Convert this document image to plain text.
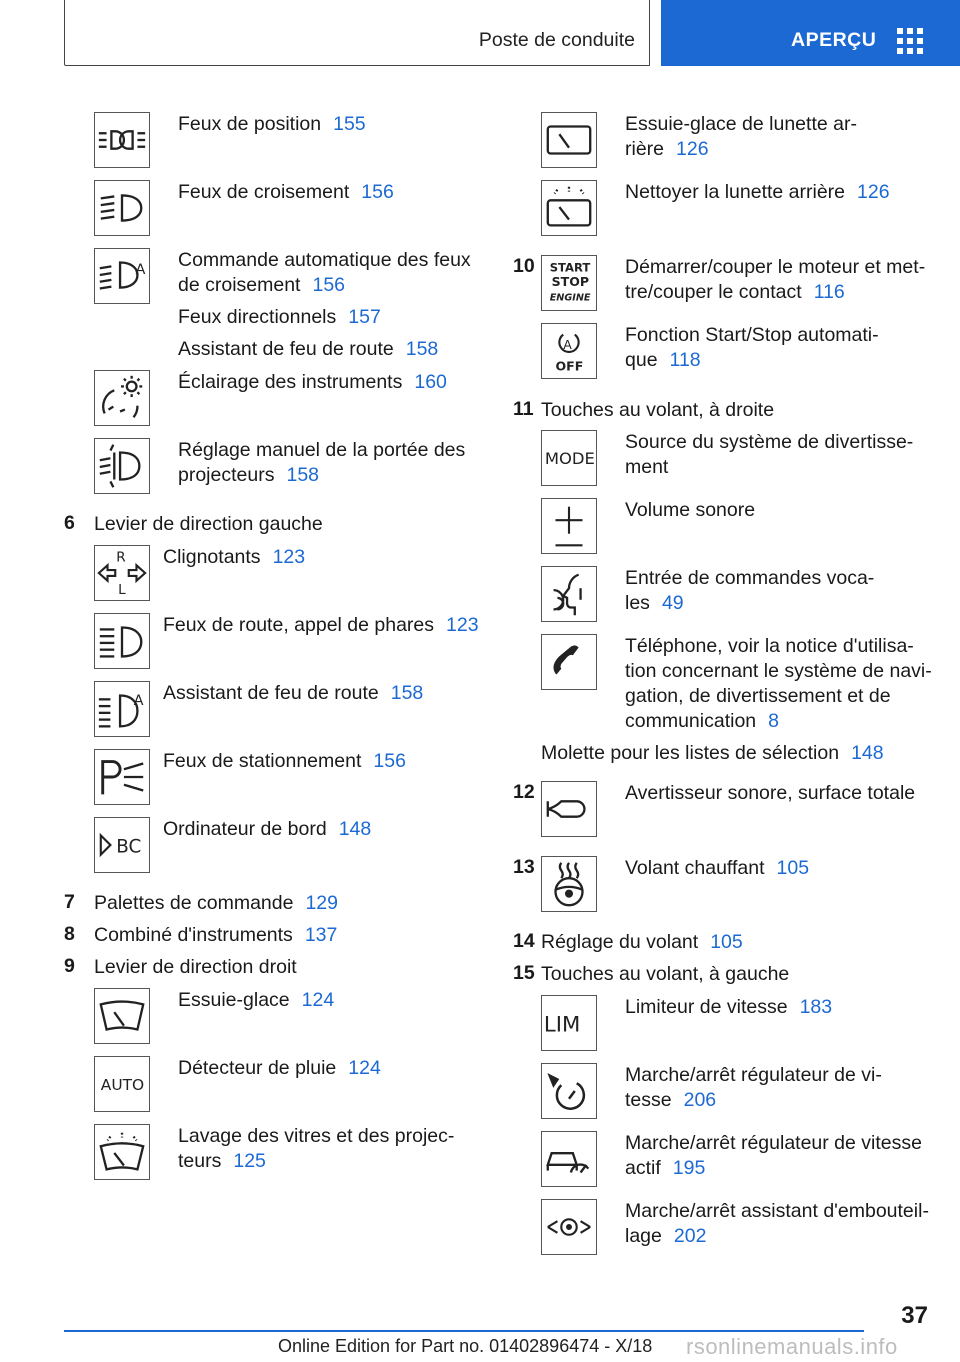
Poste de conduite	APERÇU
Feux de position 155
Feux de croisement 156
A Commande automatique des feux
de croisement 156
Feux directionnels 157
Assistant de feu de route 158
Éclairage des instruments 160
Réglage manuel de la portée des
projecteurs 158
6 Levier de direction gauche
R
L
Clignotants 123
Feux de route, appel de phares 123
A Assistant de feu de route 158
Feux de stationnement 156
BC
Ordinateur de bord 148
7 Palettes de commande 129
8 Combiné d'instruments 137
9 Levier de direction droit
Essuie-glace 124
AUTO
Détecteur de pluie 124
Lavage des vitres et des projec-
teurs 125
Essuie-glace de lunette ar-
rière 126
Nettoyer la lunette arrière 126
10 START
STOP
ENGINE
Démarrer/couper le moteur et met-
tre/couper le contact 116
A
OFF
Fonction Start/Stop automati-
que 118
11 Touches au volant, à droite
MODE
Source du système de divertisse-
ment
Volume sonore
Entrée de commandes voca-
les 49
Téléphone, voir la notice d'utilisa-
tion concernant le système de navi-
gation, de divertissement et de
communication 8
Molette pour les listes de sélection 148
12	Avertisseur sonore, surface totale
13	Volant chauffant 105
14 Réglage du volant 105
15 Touches au volant, à gauche
LIM
Limiteur de vitesse 183
Marche/arrêt régulateur de vi-
tesse 206
Marche/arrêt régulateur de vitesse
actif 195
Marche/arrêt assistant d'embouteil-
lage 202
37
Online Edition for Part no. 01402896474 - X/18 rsonlinemanuals.info
